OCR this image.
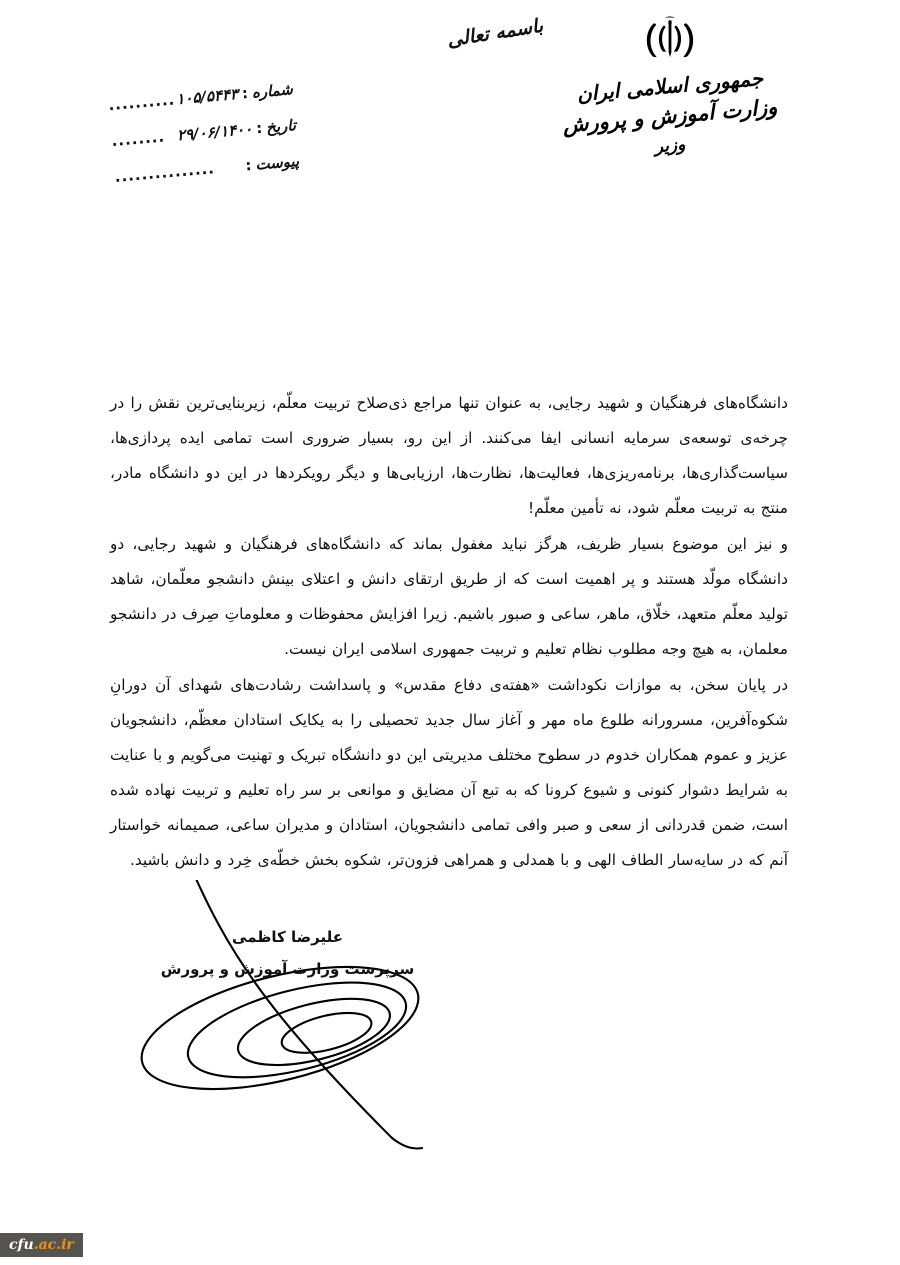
جمهوری اسلامی ایران
وزارت آموزش و پرورش
وزیر
باسمه تعالی
شماره
:
۱۰۵/۵۴۴۳
..........
تاریخ
:
۲۹/۰۶/۱۴۰۰
........
پیوست
:
...............

دانشگاه‌های فرهنگیان و شهید رجایی، به عنوان تنها مراجع ذی‌صلاح تربیت معلّم، زیربنایی‌ترین نقش را در چرخه‌ی توسعه‌ی سرمایه انسانی ایفا می‌کنند. از این رو، بسیار ضروری است تمامی ایده پردازی‌ها، سیاست‌گذاری‌ها، برنامه‌ریزی‌ها، فعالیت‌ها، نظارت‌ها، ارزیابی‌ها و دیگر رویکردها در این دو دانشگاه مادر، منتج به تربیت معلّم شود، نه تأمین معلّم!

و نیز این موضوع بسیار ظریف، هرگز نباید مغفول بماند که دانشگاه‌های فرهنگیان و شهید رجایی، دو دانشگاه مولّد هستند و پر اهمیت است که از طریق ارتقای دانش و اعتلای بینش دانشجو معلّمان، شاهد تولید معلّم متعهد، خلّاق، ماهر، ساعی و صبور باشیم. زیرا افزایش محفوظات و معلوماتِ صِرف در دانشجو معلمان، به هیچ وجه مطلوب نظام تعلیم و تربیت جمهوری اسلامی ایران نیست.

در پایان سخن، به موازات نکوداشت «هفته‌ی دفاع مقدس» و پاسداشت رشادت‌های شهدای آن دورانِ شکوه‌آفرین، مسرورانه طلوع ماه مهر و آغاز سال جدید تحصیلی را به یکایک استادان معظّم، دانشجویان عزیز و عموم همکاران خدوم در سطوح مختلف مدیریتی این دو دانشگاه تبریک و تهنیت می‌گویم و با عنایت به شرایط دشوار کنونی و شیوع کرونا که به تبع آن مضایق و موانعی بر سر راه تعلیم و تربیت نهاده شده است، ضمن قدردانی از سعی و صبر وافی تمامی دانشجویان، استادان و مدیران ساعی، صمیمانه خواستار آنم که در سایه‌سار الطاف الهی و با همدلی و همراهی فزون‌تر، شکوه بخش خطّه‌ی خِرد و دانش باشید.

علیرضا کاظمی
سرپرست وزارت آموزش و پرورش
cfu.ac.ir
